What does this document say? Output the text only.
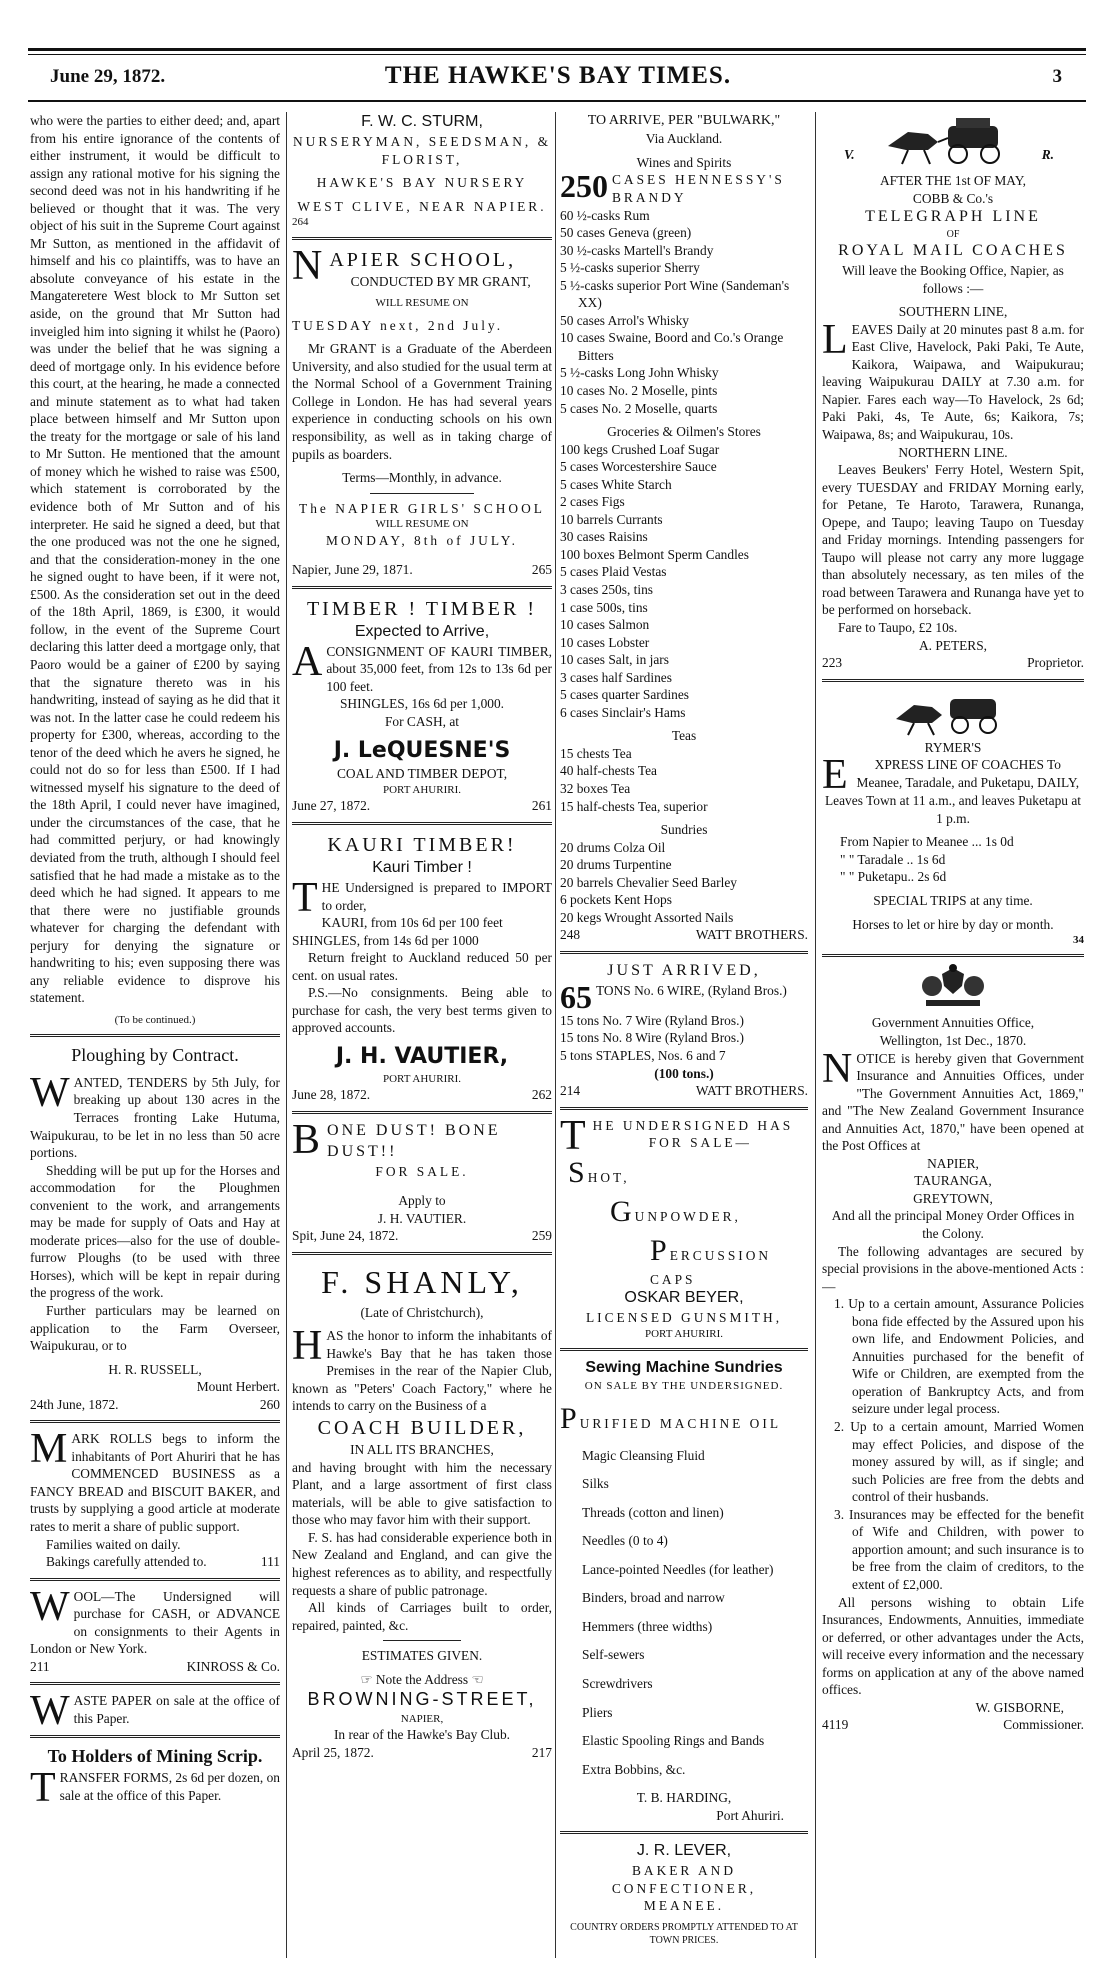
June 29, 1872.	THE HAWKE'S BAY TIMES.	3

who were the parties to either deed; and, apart from his entire ignorance of the contents of either instrument, it would be difficult to assign any rational motive for his signing the second deed was not in his handwriting if he believed or thought that it was. The very object of his suit in the Supreme Court against Mr Sutton, as mentioned in the affidavit of himself and his co plaintiffs, was to have an absolute conveyance of his estate in the Mangateretere West block to Mr Sutton set aside, on the ground that Mr Sutton had inveigled him into signing it whilst he (Paoro) was under the belief that he was signing a deed of mortgage only. In his evidence before this court, at the hearing, he made a connected and minute statement as to what had taken place between himself and Mr Sutton upon the treaty for the mortgage or sale of his land to Mr Sutton. He mentioned that the amount of money which he wished to raise was £500, which statement is corroborated by the evidence both of Mr Sutton and of his interpreter. He said he signed a deed, but that the one produced was not the one he signed, and that the consideration-money in the one he signed ought to have been, if it were not, £500. As the consideration set out in the deed of the 18th April, 1869, is £300, it would follow, in the event of the Supreme Court declaring this latter deed a mortgage only, that Paoro would be a gainer of £200 by saying that the signature thereto was in his handwriting, instead of saying as he did that it was not. In the latter case he could redeem his property for £300, whereas, according to the tenor of the deed which he avers he signed, he could not do so for less than £500. If I had witnessed myself his signature to the deed of the 18th April, I could never have imagined, under the circumstances of the case, that he had committed perjury, or had knowingly deviated from the truth, although I should feel satisfied that he had made a mistake as to the deed which he had signed. It appears to me that there were no justifiable grounds whatever for charging the defendant with perjury for denying the signature or handwriting to his; even supposing there was any reliable evidence to disprove his statement.

(To be continued.)

Ploughing by Contract.

WANTED, TENDERS by 5th July, for breaking up about 130 acres in the Terraces fronting Lake Hutuma, Waipukurau, to be let in no less than 50 acre portions.

Shedding will be put up for the Horses and accommodation for the Ploughmen convenient to the work, and arrangements may be made for supply of Oats and Hay at moderate prices—also for the use of double-furrow Ploughs (to be used with three Horses), which will be kept in repair during the progress of the work.

Further particulars may be learned on application to the Farm Overseer, Waipukurau, or to

H. R. RUSSELL,

Mount Herbert.

24th June, 1872.	260

MARK ROLLS begs to inform the inhabitants of Port Ahuriri that he has COMMENCED BUSINESS as a FANCY BREAD and BISCUIT BAKER, and trusts by supplying a good article at moderate rates to merit a share of public support.

Families waited on daily.

Bakings carefully attended to.	111

WOOL—The Undersigned will purchase for CASH, or ADVANCE on consignments to their Agents in London or New York.

211	KINROSS & Co.

WASTE PAPER on sale at the office of this Paper.

To Holders of Mining Scrip.

TRANSFER FORMS, 2s 6d per dozen, on sale at the office of this Paper.

F. W. C. STURM,

NURSERYMAN, SEEDSMAN, &

FLORIST,

HAWKE'S BAY NURSERY

WEST CLIVE, NEAR NAPIER.

264

NAPIER SCHOOL,

CONDUCTED BY MR GRANT,

WILL RESUME ON

TUESDAY next, 2nd July.

Mr GRANT is a Graduate of the Aberdeen University, and also studied for the usual term at the Normal School of a Government Training College in London. He has had several years experience in conducting schools on his own responsibility, as well as in taking charge of pupils as boarders.

Terms—Monthly, in advance.

The NAPIER GIRLS' SCHOOL

WILL RESUME ON

MONDAY, 8th of JULY.

Napier, June 29, 1871.	265

TIMBER ! TIMBER !

Expected to Arrive,

ACONSIGNMENT OF KAURI TIMBER, about 35,000 feet, from 12s to 13s 6d per 100 feet.

SHINGLES, 16s 6d per 1,000.

For CASH, at

J. LeQUESNE'S

COAL AND TIMBER DEPOT,

PORT AHURIRI.

June 27, 1872.	261

KAURI TIMBER!

Kauri Timber !

THE Undersigned is prepared to IMPORT to order,

KAURI, from 10s 6d per 100 feet

SHINGLES, from 14s 6d per 1000

Return freight to Auckland reduced 50 per cent. on usual rates.

P.S.—No consignments. Being able to purchase for cash, the very best terms given to approved accounts.

J. H. VAUTIER,

PORT AHURIRI.

June 28, 1872.	262

BONE DUST! BONE DUST!!

FOR SALE.

Apply to

J. H. VAUTIER.

Spit, June 24, 1872.	259

F. SHANLY,

(Late of Christchurch),

HAS the honor to inform the inhabitants of Hawke's Bay that he has taken those Premises in the rear of the Napier Club, known as "Peters' Coach Factory," where he intends to carry on the Business of a

COACH BUILDER,

IN ALL ITS BRANCHES,

and having brought with him the necessary Plant, and a large assortment of first class materials, will be able to give satisfaction to those who may favor him with their support.

F. S. has had considerable experience both in New Zealand and England, and can give the highest references as to ability, and respectfully requests a share of public patronage.

All kinds of Carriages built to order, repaired, painted, &c.

ESTIMATES GIVEN.

☞ Note the Address ☜

BROWNING-STREET,

NAPIER,

In rear of the Hawke's Bay Club.

April 25, 1872.	217

TO ARRIVE, PER "BULWARK,"

Via Auckland.

Wines and Spirits

250 CASES HENNESSY'S BRANDY

60 ½-casks Rum

50 cases Geneva (green)

30 ½-casks Martell's Brandy

5 ½-casks superior Sherry

5 ½-casks superior Port Wine (Sandeman's XX)

50 cases Arrol's Whisky

10 cases Swaine, Boord and Co.'s Orange Bitters

5 ½-casks Long John Whisky

10 cases No. 2 Moselle, pints

5 cases No. 2 Moselle, quarts

Groceries & Oilmen's Stores

100 kegs Crushed Loaf Sugar

5 cases Worcestershire Sauce

5 cases White Starch

2 cases Figs

10 barrels Currants

30 cases Raisins

100 boxes Belmont Sperm Candles

5 cases Plaid Vestas

3 cases 250s, tins

1 case 500s, tins

10 cases Salmon

10 cases Lobster

10 cases Salt, in jars

3 cases half Sardines

5 cases quarter Sardines

6 cases Sinclair's Hams

Teas

15 chests Tea

40 half-chests Tea

32 boxes Tea

15 half-chests Tea, superior

Sundries

20 drums Colza Oil

20 drums Turpentine

20 barrels Chevalier Seed Barley

6 pockets Kent Hops

20 kegs Wrought Assorted Nails

248	WATT BROTHERS.

JUST ARRIVED,

65 TONS No. 6 WIRE, (Ryland Bros.)

15 tons No. 7 Wire (Ryland Bros.)

15 tons No. 8 Wire (Ryland Bros.)

5 tons STAPLES, Nos. 6 and 7

(100 tons.)

214	WATT BROTHERS.

THE UNDERSIGNED HAS

FOR SALE—

SHOT,

GUNPOWDER,

PERCUSSION CAPS

OSKAR BEYER,

LICENSED GUNSMITH,

PORT AHURIRI.

Sewing Machine Sundries

ON SALE BY THE UNDERSIGNED.

PURIFIED MACHINE OIL

Magic Cleansing Fluid

Silks

Threads (cotton and linen)

Needles (0 to 4)

Lance-pointed Needles (for leather)

Binders, broad and narrow

Hemmers (three widths)

Self-sewers

Screwdrivers

Pliers

Elastic Spooling Rings and Bands

Extra Bobbins, &c.

T. B. HARDING,

Port Ahuriri.

J. R. LEVER,

BAKER AND CONFECTIONER,

MEANEE.

COUNTRY ORDERS PROMPTLY ATTENDED TO AT TOWN PRICES.

V.	R.

AFTER THE 1st OF MAY,

COBB & Co.'s

TELEGRAPH LINE

OF

ROYAL MAIL COACHES

Will leave the Booking Office, Napier, as follows :—

SOUTHERN LINE,

LEAVES Daily at 20 minutes past 8 a.m. for East Clive, Havelock, Paki Paki, Te Aute, Kaikora, Waipawa, and Waipukurau; leaving Waipukurau DAILY at 7.30 a.m. for Napier. Fares each way—To Havelock, 2s 6d; Paki Paki, 4s, Te Aute, 6s; Kaikora, 7s; Waipawa, 8s; and Waipukurau, 10s.

NORTHERN LINE.

Leaves Beukers' Ferry Hotel, Western Spit, every TUESDAY and FRIDAY Morning early, for Petane, Te Haroto, Tarawera, Runanga, Opepe, and Taupo; leaving Taupo on Tuesday and Friday mornings. Intending passengers for Taupo will please not carry any more luggage than absolutely necessary, as ten miles of the road between Tarawera and Runanga have yet to be performed on horseback.

Fare to Taupo, £2 10s.

A. PETERS,

223	Proprietor.

RYMER'S

E XPRESS LINE OF COACHES To Meanee, Taradale, and Puketapu, DAILY,

Leaves Town at 11 a.m., and leaves Puketapu at 1 p.m.

From Napier to Meanee ... 1s 0d

" " Taradale .. 1s 6d

" " Puketapu.. 2s 6d

SPECIAL TRIPS at any time.

Horses to let or hire by day or month.

34

Government Annuities Office,

Wellington, 1st Dec., 1870.

NOTICE is hereby given that Government Insurance and Annuities Offices, under "The Government Annuities Act, 1869," and "The New Zealand Government Insurance and Annuities Act, 1870," have been opened at the Post Offices at

NAPIER,

TAURANGA,

GREYTOWN,

And all the principal Money Order Offices in the Colony.

The following advantages are secured by special provisions in the above-mentioned Acts :—

1. Up to a certain amount, Assurance Policies bona fide effected by the Assured upon his own life, and Endowment Policies, and Annuities purchased for the benefit of Wife or Children, are exempted from the operation of Bankruptcy Acts, and from seizure under legal process.

2. Up to a certain amount, Married Women may effect Policies, and dispose of the money assured by will, as if single; and such Policies are free from the debts and control of their husbands.

3. Insurances may be effected for the benefit of Wife and Children, with power to apportion amount; and such insurance is to be free from the claim of creditors, to the extent of £2,000.

All persons wishing to obtain Life Insurances, Endowments, Annuities, immediate or deferred, or other advantages under the Acts, will receive every information and the necessary forms on application at any of the above named offices.

W. GISBORNE,

4119	Commissioner.
